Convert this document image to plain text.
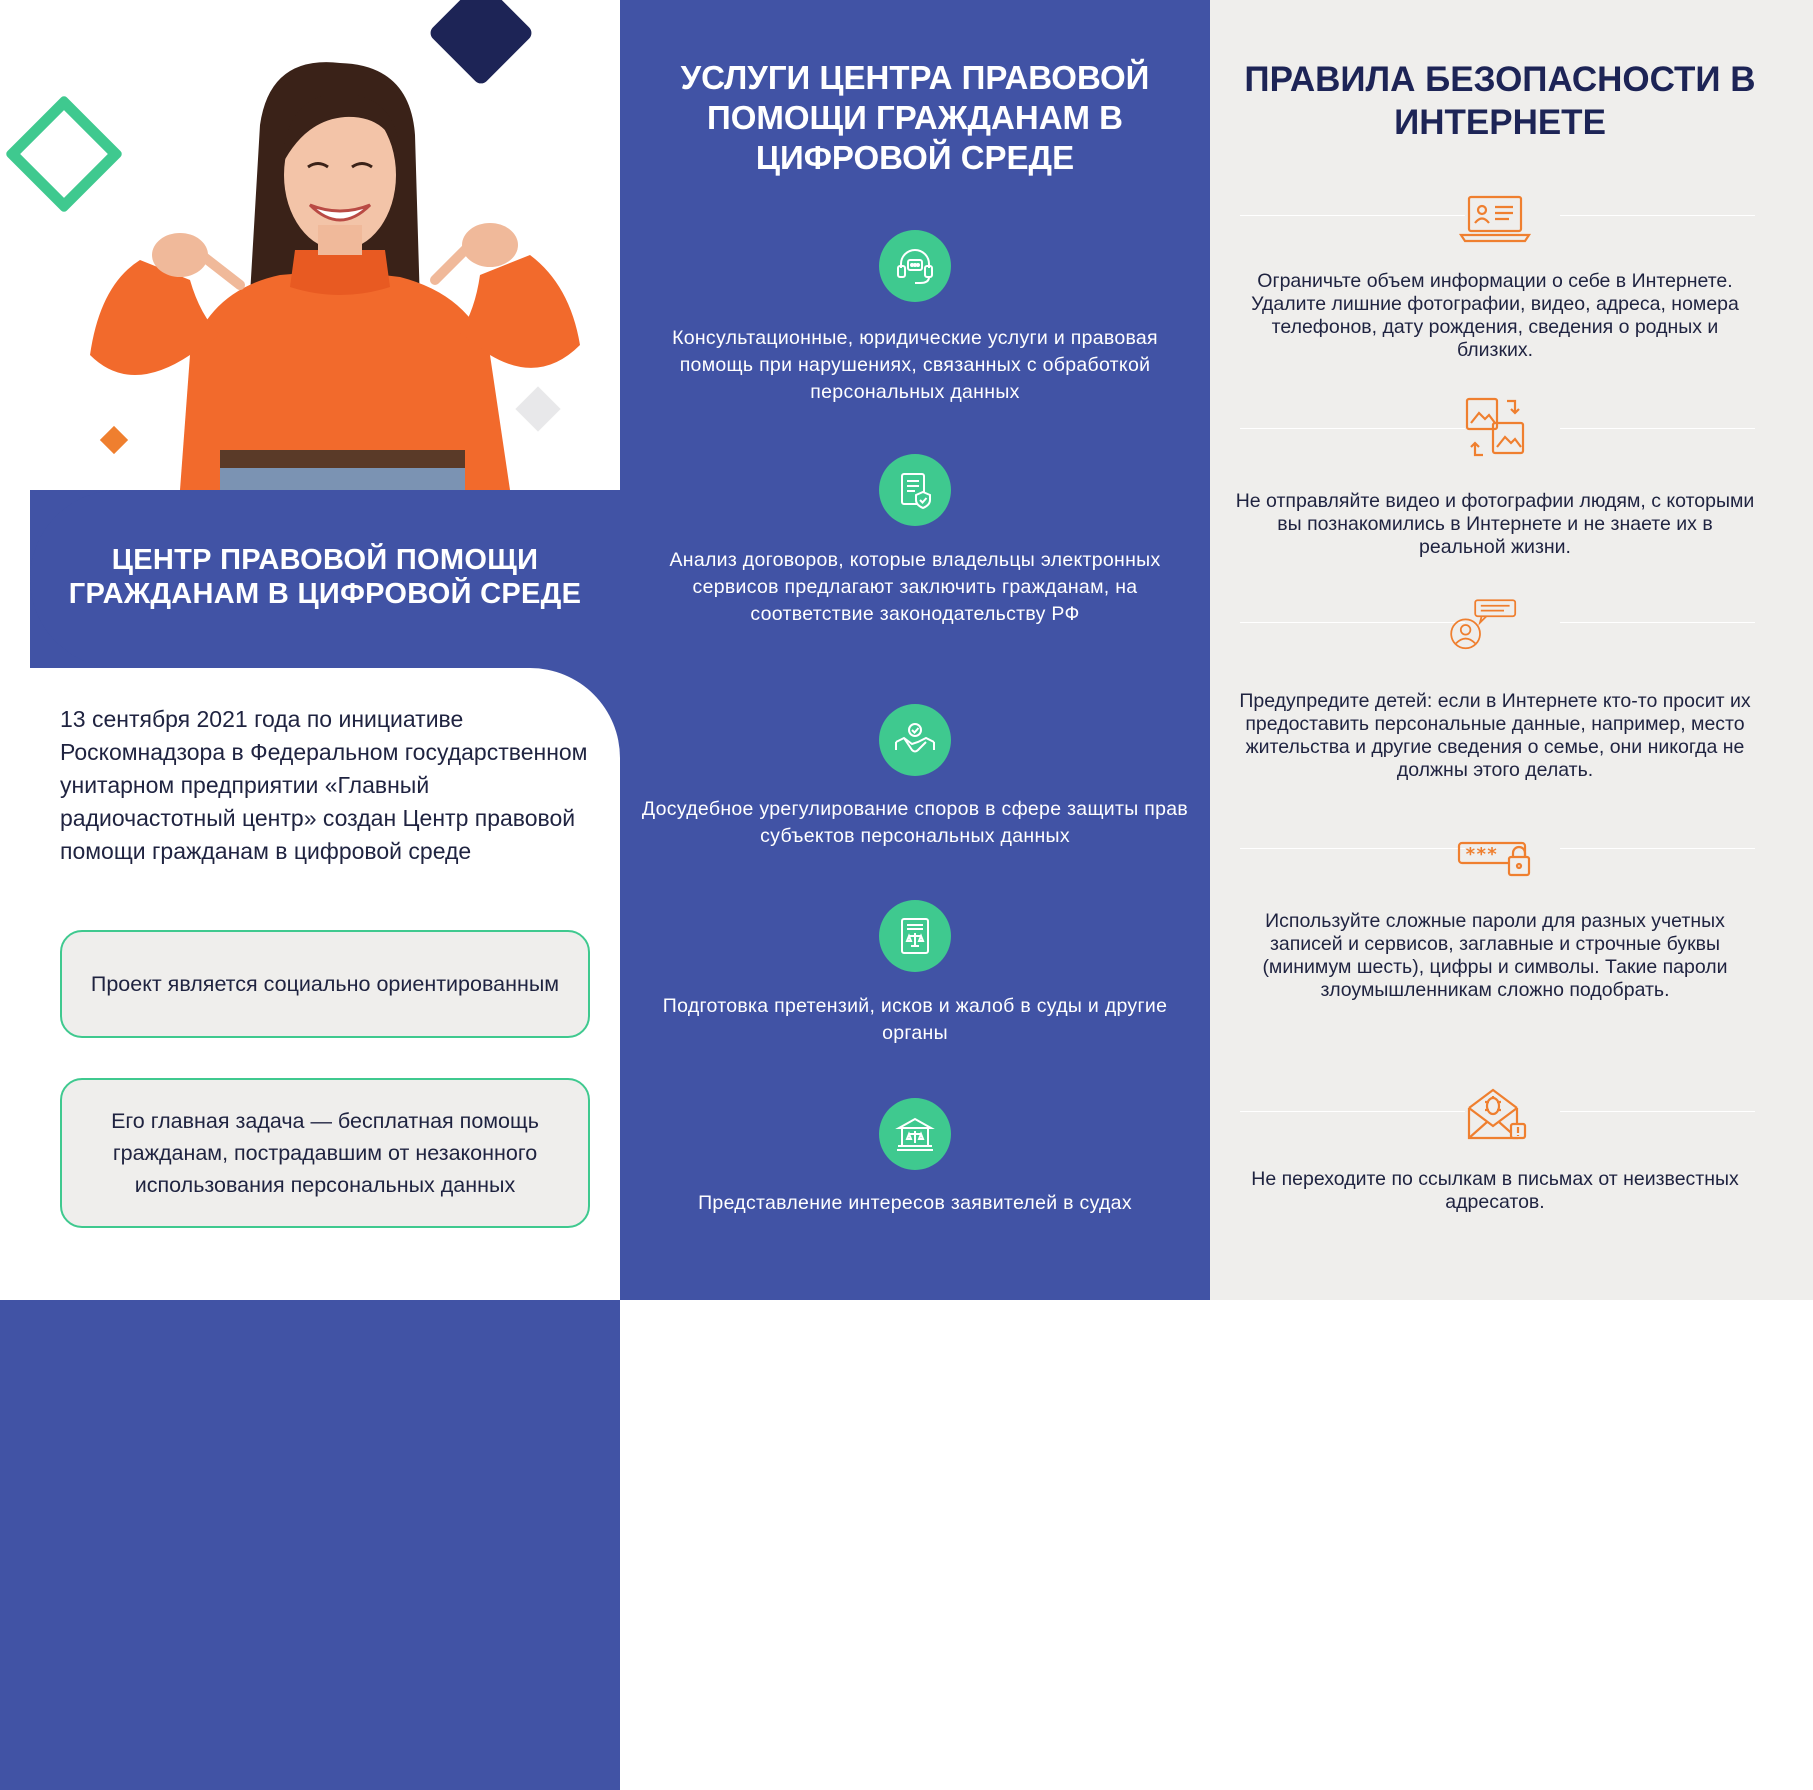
ЦЕНТР ПРАВОВОЙ ПОМОЩИ ГРАЖДАНАМ В ЦИФРОВОЙ СРЕДЕ
13 сентября 2021 года по инициативе Роскомнадзора в Федеральном государственном унитарном предприятии «Главный радиочастотный центр» создан Центр правовой помощи гражданам в цифровой среде
Проект является социально ориентированным
Его главная задача — бесплатная помощь гражданам, пострадавшим от незаконного использования персональных данных
УСЛУГИ ЦЕНТРА ПРАВОВОЙ ПОМОЩИ ГРАЖДАНАМ В ЦИФРОВОЙ СРЕДЕ
Консультационные, юридические услуги и правовая помощь при нарушениях, связанных с обработкой персональных данных
Анализ договоров, которые владельцы электронных сервисов предлагают заключить гражданам, на соответствие законодательству РФ
Досудебное урегулирование споров в сфере защиты прав субъектов персональных данных
Подготовка претензий, исков и жалоб в суды и другие органы
Представление интересов заявителей в судах
ПРАВИЛА БЕЗОПАСНОСТИ В ИНТЕРНЕТЕ
Ограничьте объем информации о себе в Интернете. Удалите лишние фотографии, видео, адреса, номера телефонов, дату рождения, сведения о родных и близких.
Не отправляйте видео и фотографии людям, с которыми вы познакомились в Интернете и не знаете их в реальной жизни.
Предупредите детей: если в Интернете кто-то просит их предоставить персональные данные, например, место жительства и другие сведения о семье, они никогда не должны этого делать.
***
Используйте сложные пароли для разных учетных записей и сервисов, заглавные и строчные буквы (минимум шесть), цифры и символы. Такие пароли злоумышленникам сложно подобрать.
Не переходите по ссылкам в письмах от неизвестных адресатов.
